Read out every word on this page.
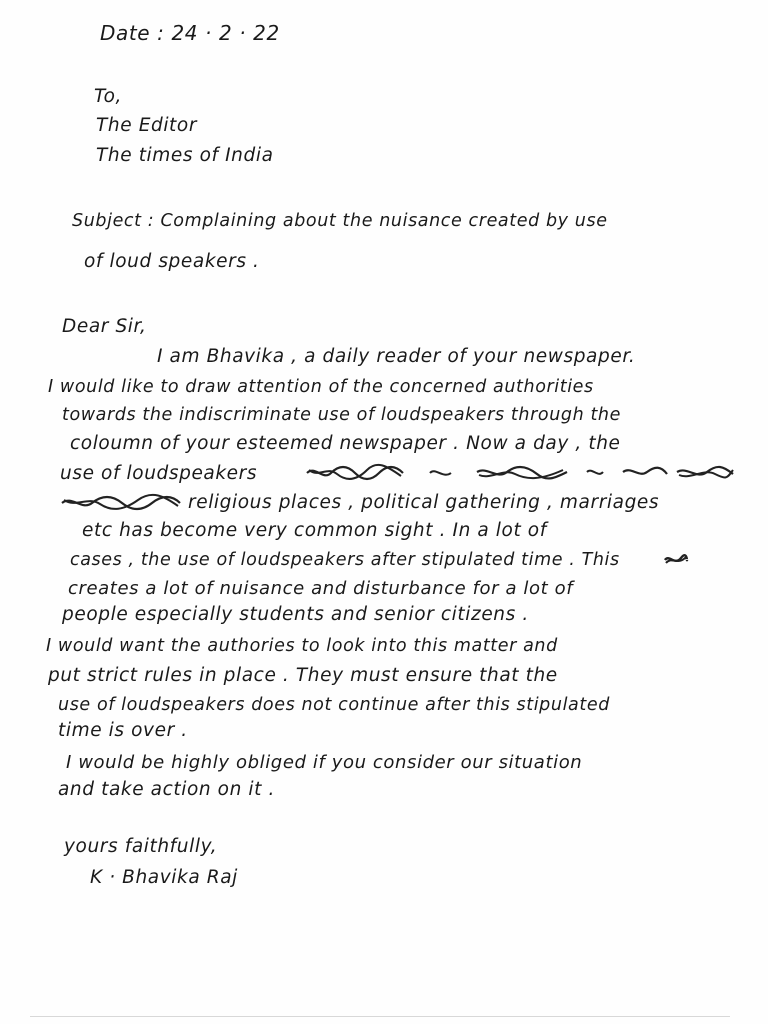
Date : 24 · 2 · 22
To,
The Editor
The times of India
Subject : Complaining about the nuisance created by use
of loud speakers .
Dear Sir,
I am Bhavika , a daily reader of your newspaper.
I would like to draw attention of the concerned authorities
towards the indiscriminate use of loudspeakers through the
coloumn of your esteemed newspaper . Now a day , the
use of loudspeakers
religious places , political gathering , marriages
etc has become very common sight . In a lot of
cases , the use of loudspeakers after stipulated time . This
creates a lot of nuisance and disturbance for a lot of
people especially students and senior citizens .
I would want the authories to look into this matter and
put strict rules in place . They must ensure that the
use of loudspeakers does not continue after this stipulated
time is over .
I would be highly obliged if you consider our situation
and take action on it .
yours faithfully,
K · Bhavika Raj
